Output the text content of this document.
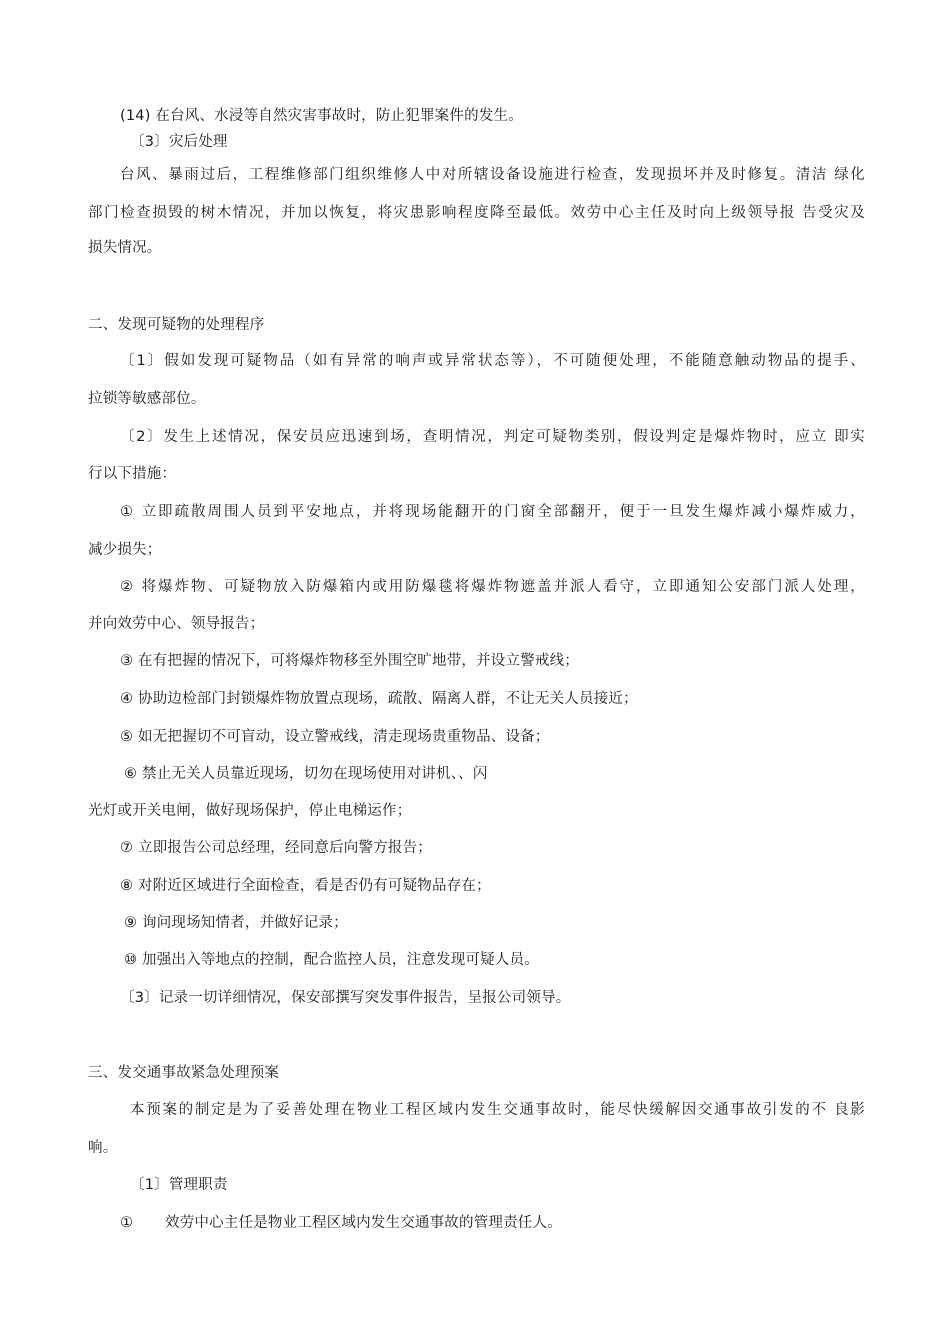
(14) 在台风、水浸等自然灾害事故时，防止犯罪案件的发生。
〔3〕灾后处理
台风、暴雨过后，工程维修部门组织维修人中对所辖设备设施进行检查，发现损坏并及时修复。清洁 绿化
部门检查损毁的树木情况，并加以恢复，将灾患影响程度降至最低。效劳中心主任及时向上级领导报 告受灾及
损失情况。
二、发现可疑物的处理程序
〔1〕假如发现可疑物品（如有异常的响声或异常状态等），不可随便处理，不能随意触动物品的提手、
拉锁等敏感部位。
〔2〕发生上述情况，保安员应迅速到场，查明情况，判定可疑物类别，假设判定是爆炸物时，应立 即实
行以下措施：
① 立即疏散周围人员到平安地点，并将现场能翻开的门窗全部翻开，便于一旦发生爆炸减小爆炸威力，
减少损失；
② 将爆炸物、可疑物放入防爆箱内或用防爆毯将爆炸物遮盖并派人看守，立即通知公安部门派人处理，
并向效劳中心、领导报告；
③ 在有把握的情况下，可将爆炸物移至外围空旷地带，并设立警戒线；
④ 协助边检部门封锁爆炸物放置点现场，疏散、隔离人群，不让无关人员接近；
⑤ 如无把握切不可盲动，设立警戒线，清走现场贵重物品、设备；
⑥ 禁止无关人员靠近现场，切勿在现场使用对讲机、、闪
光灯或开关电闸，做好现场保护，停止电梯运作；
⑦ 立即报告公司总经理，经同意后向警方报告；
⑧ 对附近区域进行全面检查，看是否仍有可疑物品存在；
⑨ 询问现场知情者，并做好记录；
⑩ 加强出入等地点的控制，配合监控人员，注意发现可疑人员。
〔3〕记录一切详细情况，保安部撰写突发事件报告，呈报公司领导。
三、发交通事故紧急处理预案
本预案的制定是为了妥善处理在物业工程区域内发生交通事故时，能尽快缓解因交通事故引发的不 良影
响。
〔1〕管理职责
① 效劳中心主任是物业工程区域内发生交通事故的管理责任人。
